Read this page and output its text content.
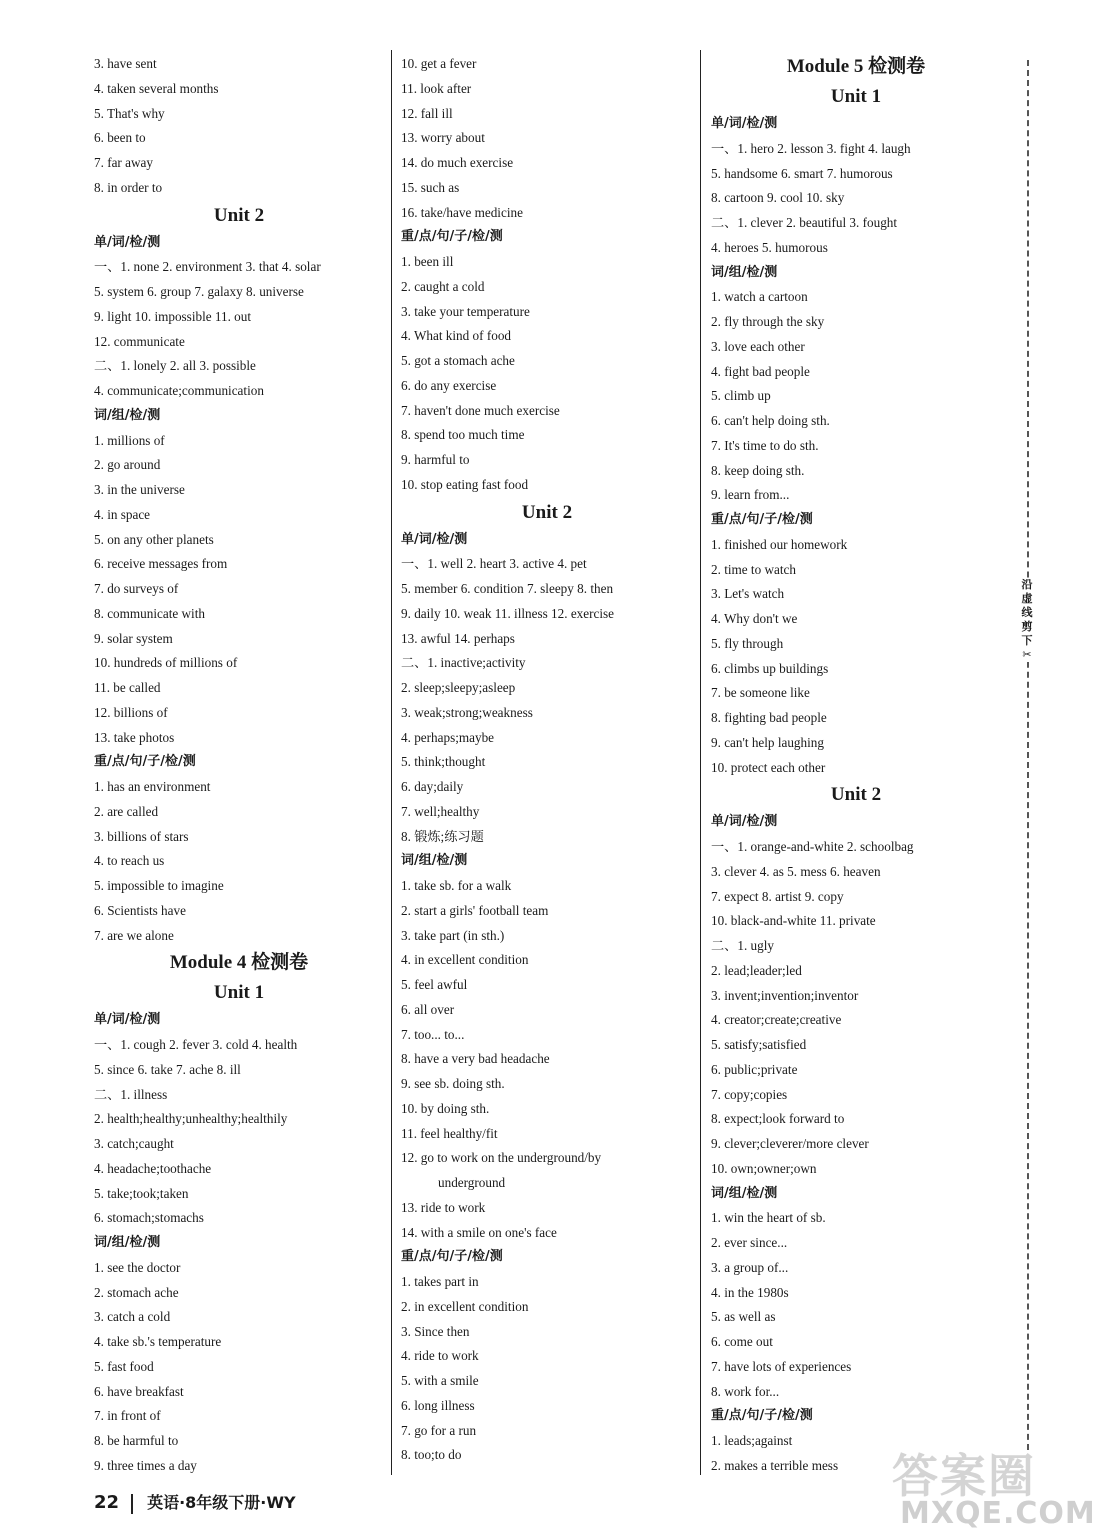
3. have sent
4. taken several months
5. That's why
6. been to
7. far away
8. in order to
Unit 2
单/词/检/测
一、1. none 2. environment 3. that 4. solar
5. system 6. group 7. galaxy 8. universe
9. light 10. impossible 11. out
12. communicate
二、1. lonely 2. all 3. possible
4. communicate;communication
词/组/检/测
1. millions of
2. go around
3. in the universe
4. in space
5. on any other planets
6. receive messages from
7. do surveys of
8. communicate with
9. solar system
10. hundreds of millions of
11. be called
12. billions of
13. take photos
重/点/句/子/检/测
1. has an environment
2. are called
3. billions of stars
4. to reach us
5. impossible to imagine
6. Scientists have
7. are we alone
Module 4 检测卷
Unit 1
单/词/检/测
一、1. cough 2. fever 3. cold 4. health
5. since 6. take 7. ache 8. ill
二、1. illness
2. health;healthy;unhealthy;healthily
3. catch;caught
4. headache;toothache
5. take;took;taken
6. stomach;stomachs
词/组/检/测
1. see the doctor
2. stomach ache
3. catch a cold
4. take sb.'s temperature
5. fast food
6. have breakfast
7. in front of
8. be harmful to
9. three times a day
10. get a fever
11. look after
12. fall ill
13. worry about
14. do much exercise
15. such as
16. take/have medicine
重/点/句/子/检/测
1. been ill
2. caught a cold
3. take your temperature
4. What kind of food
5. got a stomach ache
6. do any exercise
7. haven't done much exercise
8. spend too much time
9. harmful to
10. stop eating fast food
Unit 2
单/词/检/测
一、1. well 2. heart 3. active 4. pet
5. member 6. condition 7. sleepy 8. then
9. daily 10. weak 11. illness 12. exercise
13. awful 14. perhaps
二、1. inactive;activity
2. sleep;sleepy;asleep
3. weak;strong;weakness
4. perhaps;maybe
5. think;thought
6. day;daily
7. well;healthy
8. 锻炼;练习题
词/组/检/测
1. take sb. for a walk
2. start a girls' football team
3. take part (in sth.)
4. in excellent condition
5. feel awful
6. all over
7. too... to...
8. have a very bad headache
9. see sb. doing sth.
10. by doing sth.
11. feel healthy/fit
12. go to work on the underground/by
underground
13. ride to work
14. with a smile on one's face
重/点/句/子/检/测
1. takes part in
2. in excellent condition
3. Since then
4. ride to work
5. with a smile
6. long illness
7. go for a run
8. too;to do
Module 5 检测卷
Unit 1
单/词/检/测
一、1. hero 2. lesson 3. fight 4. laugh
5. handsome 6. smart 7. humorous
8. cartoon 9. cool 10. sky
二、1. clever 2. beautiful 3. fought
4. heroes 5. humorous
词/组/检/测
1. watch a cartoon
2. fly through the sky
3. love each other
4. fight bad people
5. climb up
6. can't help doing sth.
7. It's time to do sth.
8. keep doing sth.
9. learn from...
重/点/句/子/检/测
1. finished our homework
2. time to watch
3. Let's watch
4. Why don't we
5. fly through
6. climbs up buildings
7. be someone like
8. fighting bad people
9. can't help laughing
10. protect each other
Unit 2
单/词/检/测
一、1. orange-and-white 2. schoolbag
3. clever 4. as 5. mess 6. heaven
7. expect 8. artist 9. copy
10. black-and-white 11. private
二、1. ugly
2. lead;leader;led
3. invent;invention;inventor
4. creator;create;creative
5. satisfy;satisfied
6. public;private
7. copy;copies
8. expect;look forward to
9. clever;cleverer/more clever
10. own;owner;own
词/组/检/测
1. win the heart of sb.
2. ever since...
3. a group of...
4. in the 1980s
5. as well as
6. come out
7. have lots of experiences
8. work for...
重/点/句/子/检/测
1. leads;against
2. makes a terrible mess
沿
虚
线
剪
下
✂
22 英语·8年级下册·WY	答案圈
MXQE.COM
